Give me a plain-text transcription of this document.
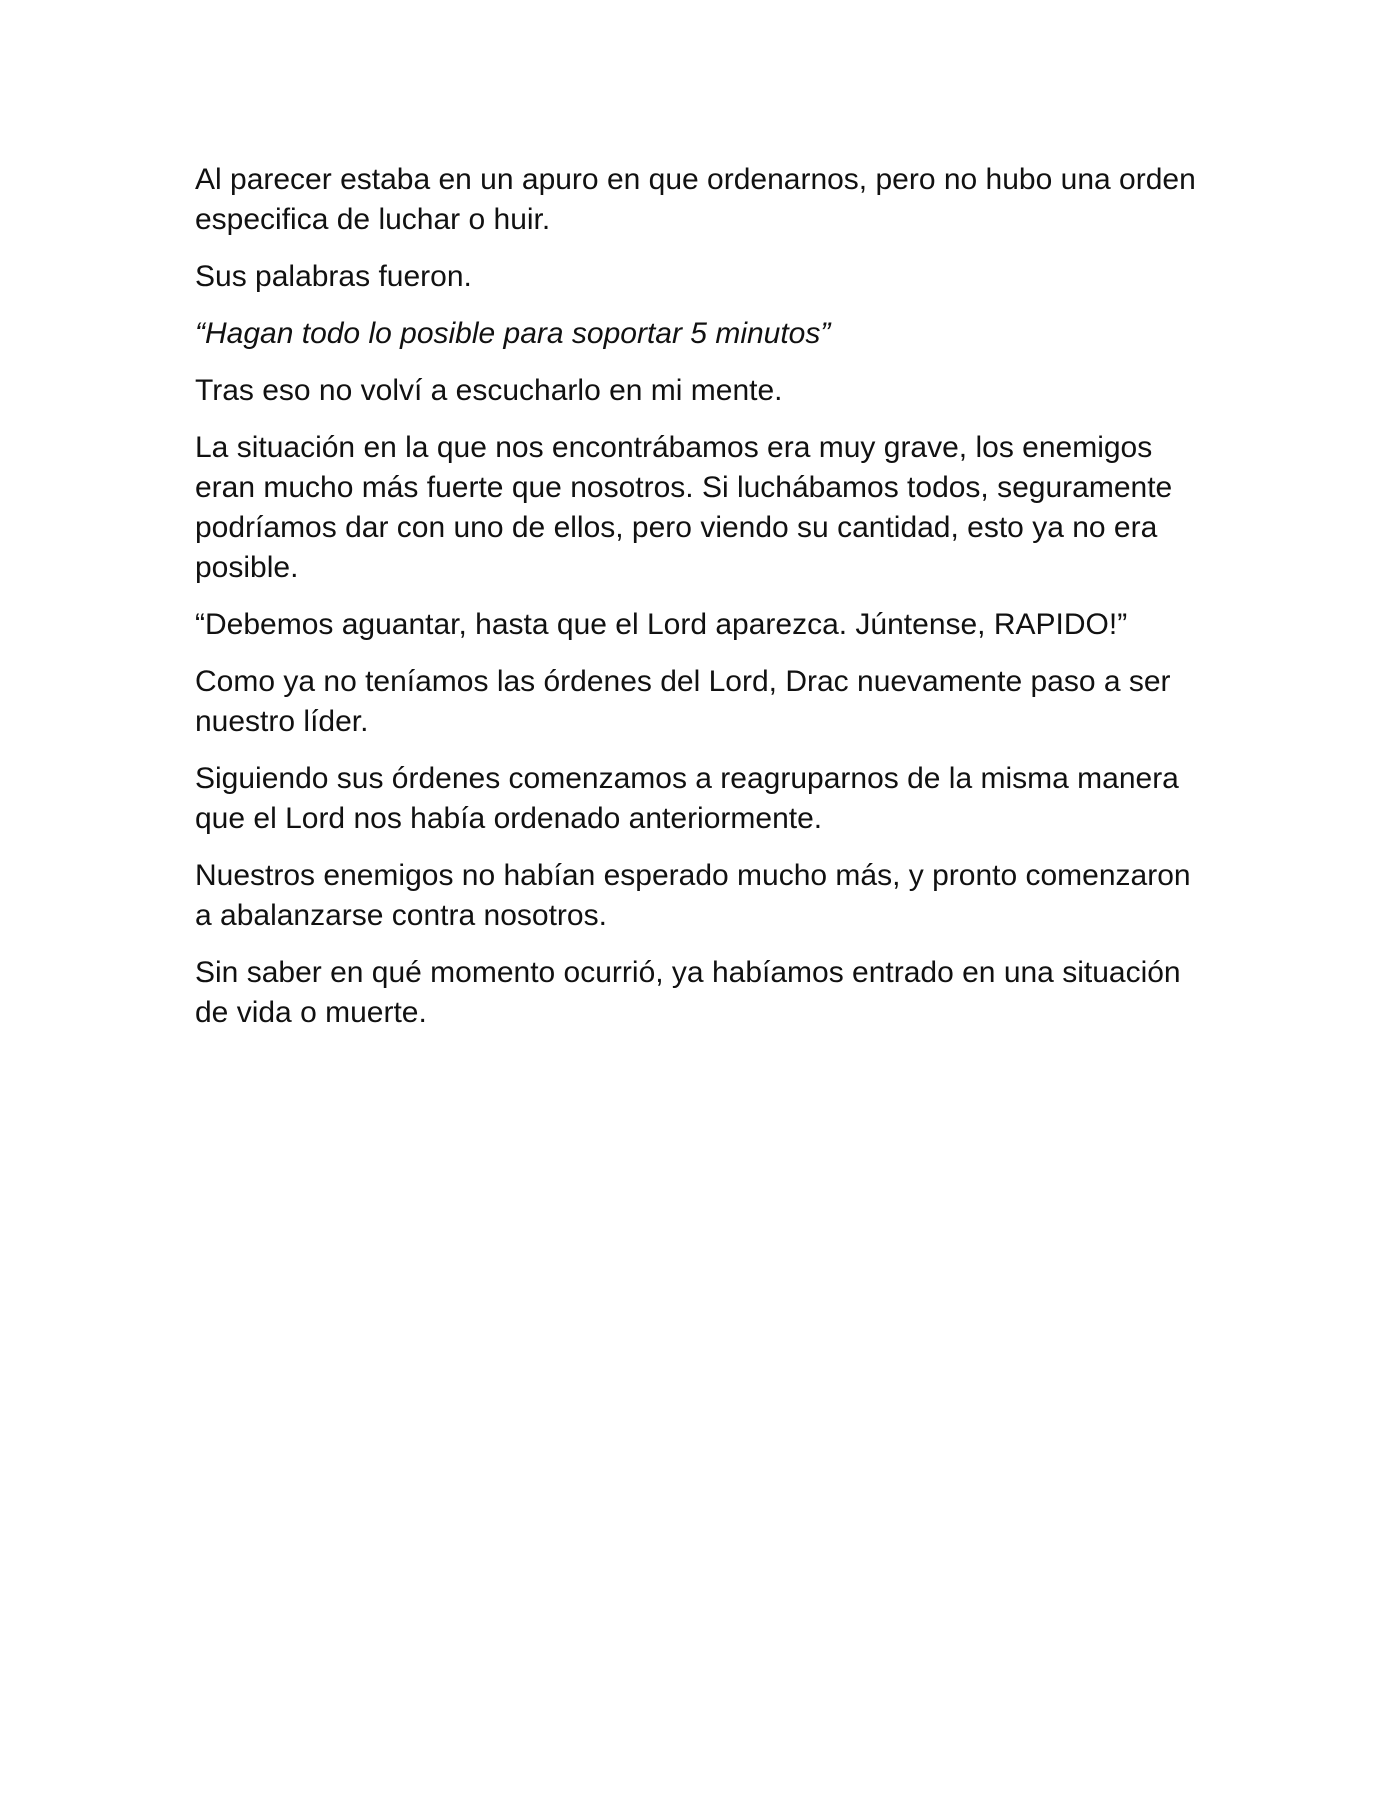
Al parecer estaba en un apuro en que ordenarnos, pero no hubo una orden especifica de luchar o huir.

Sus palabras fueron.

“Hagan todo lo posible para soportar 5 minutos”

Tras eso no volví a escucharlo en mi mente.

La situación en la que nos encontrábamos era muy grave, los enemigos eran mucho más fuerte que nosotros. Si luchábamos todos, seguramente podríamos dar con uno de ellos, pero viendo su cantidad, esto ya no era posible.

“Debemos aguantar, hasta que el Lord aparezca. Júntense, RAPIDO!”

Como ya no teníamos las órdenes del Lord, Drac nuevamente paso a ser nuestro líder.

Siguiendo sus órdenes comenzamos a reagruparnos de la misma manera que el Lord nos había ordenado anteriormente.

Nuestros enemigos no habían esperado mucho más, y pronto comenzaron a abalanzarse contra nosotros.

Sin saber en qué momento ocurrió, ya habíamos entrado en una situación de vida o muerte.
